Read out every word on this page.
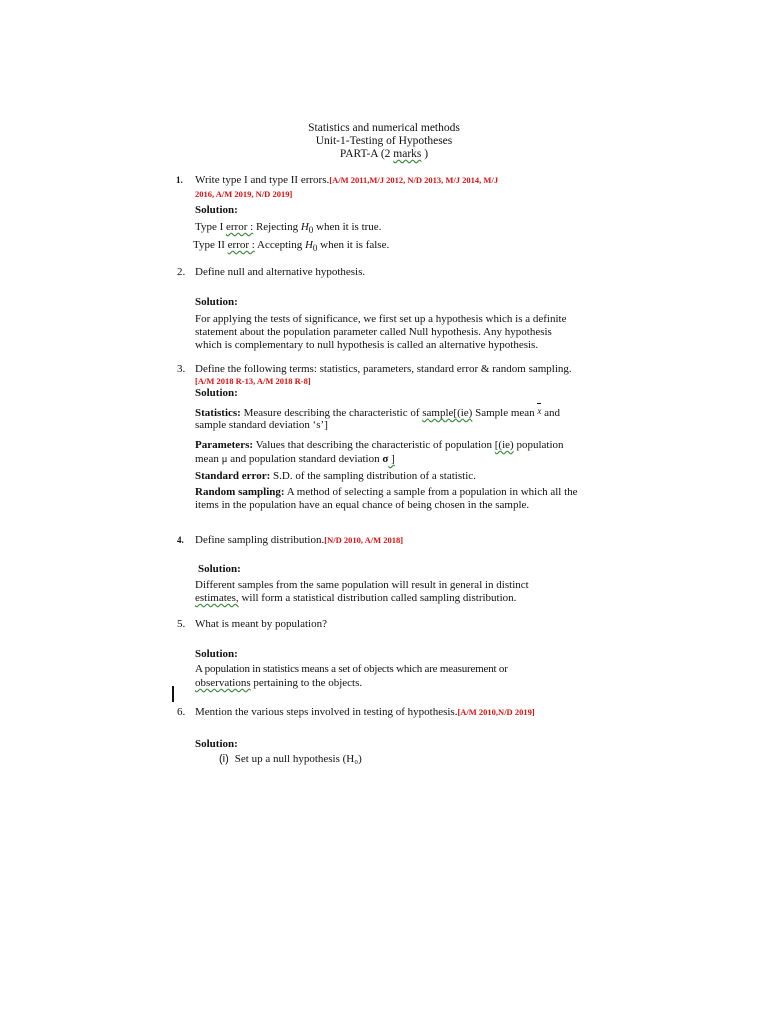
Statistics and numerical methods
Unit-1-Testing of Hypotheses
PART-A (2 marks )
1. Write type I and type II errors.[A/M 2011,M/J 2012, N/D 2013, M/J 2014, M/J
2016, A/M 2019, N/D 2019]
Solution:
Type I error : Rejecting $H_0$ when it is true.
Type II error : Accepting $H_0$ when it is false.
2. Define null and alternative hypothesis.
Solution:
For applying the tests of significance, we first set up a hypothesis which is a definite
statement about the population parameter called Null hypothesis. Any hypothesis
which is complementary to null hypothesis is called an alternative hypothesis.
3. Define the following terms: statistics, parameters, standard error & random sampling.
[A/M 2018 R-13, A/M 2018 R-8]
Solution:
Statistics: Measure describing the characteristic of sample[(ie) Sample mean x and
sample standard deviation ‘s’]
Parameters: Values that describing the characteristic of population [(ie) population
mean μ and population standard deviation σ ]
Standard error: S.D. of the sampling distribution of a statistic.
Random sampling: A method of selecting a sample from a population in which all the
items in the population have an equal chance of being chosen in the sample.
4. Define sampling distribution.[N/D 2010, A/M 2018]
Solution:
Different samples from the same population will result in general in distinct
estimates, will form a statistical distribution called sampling distribution.
5. What is meant by population?
Solution:
A population in statistics means a set of objects which are measurement or
observations pertaining to the objects.
6. Mention the various steps involved in testing of hypothesis.[A/M 2010,N/D 2019]
Solution:
(i) Set up a null hypothesis (H₀)
